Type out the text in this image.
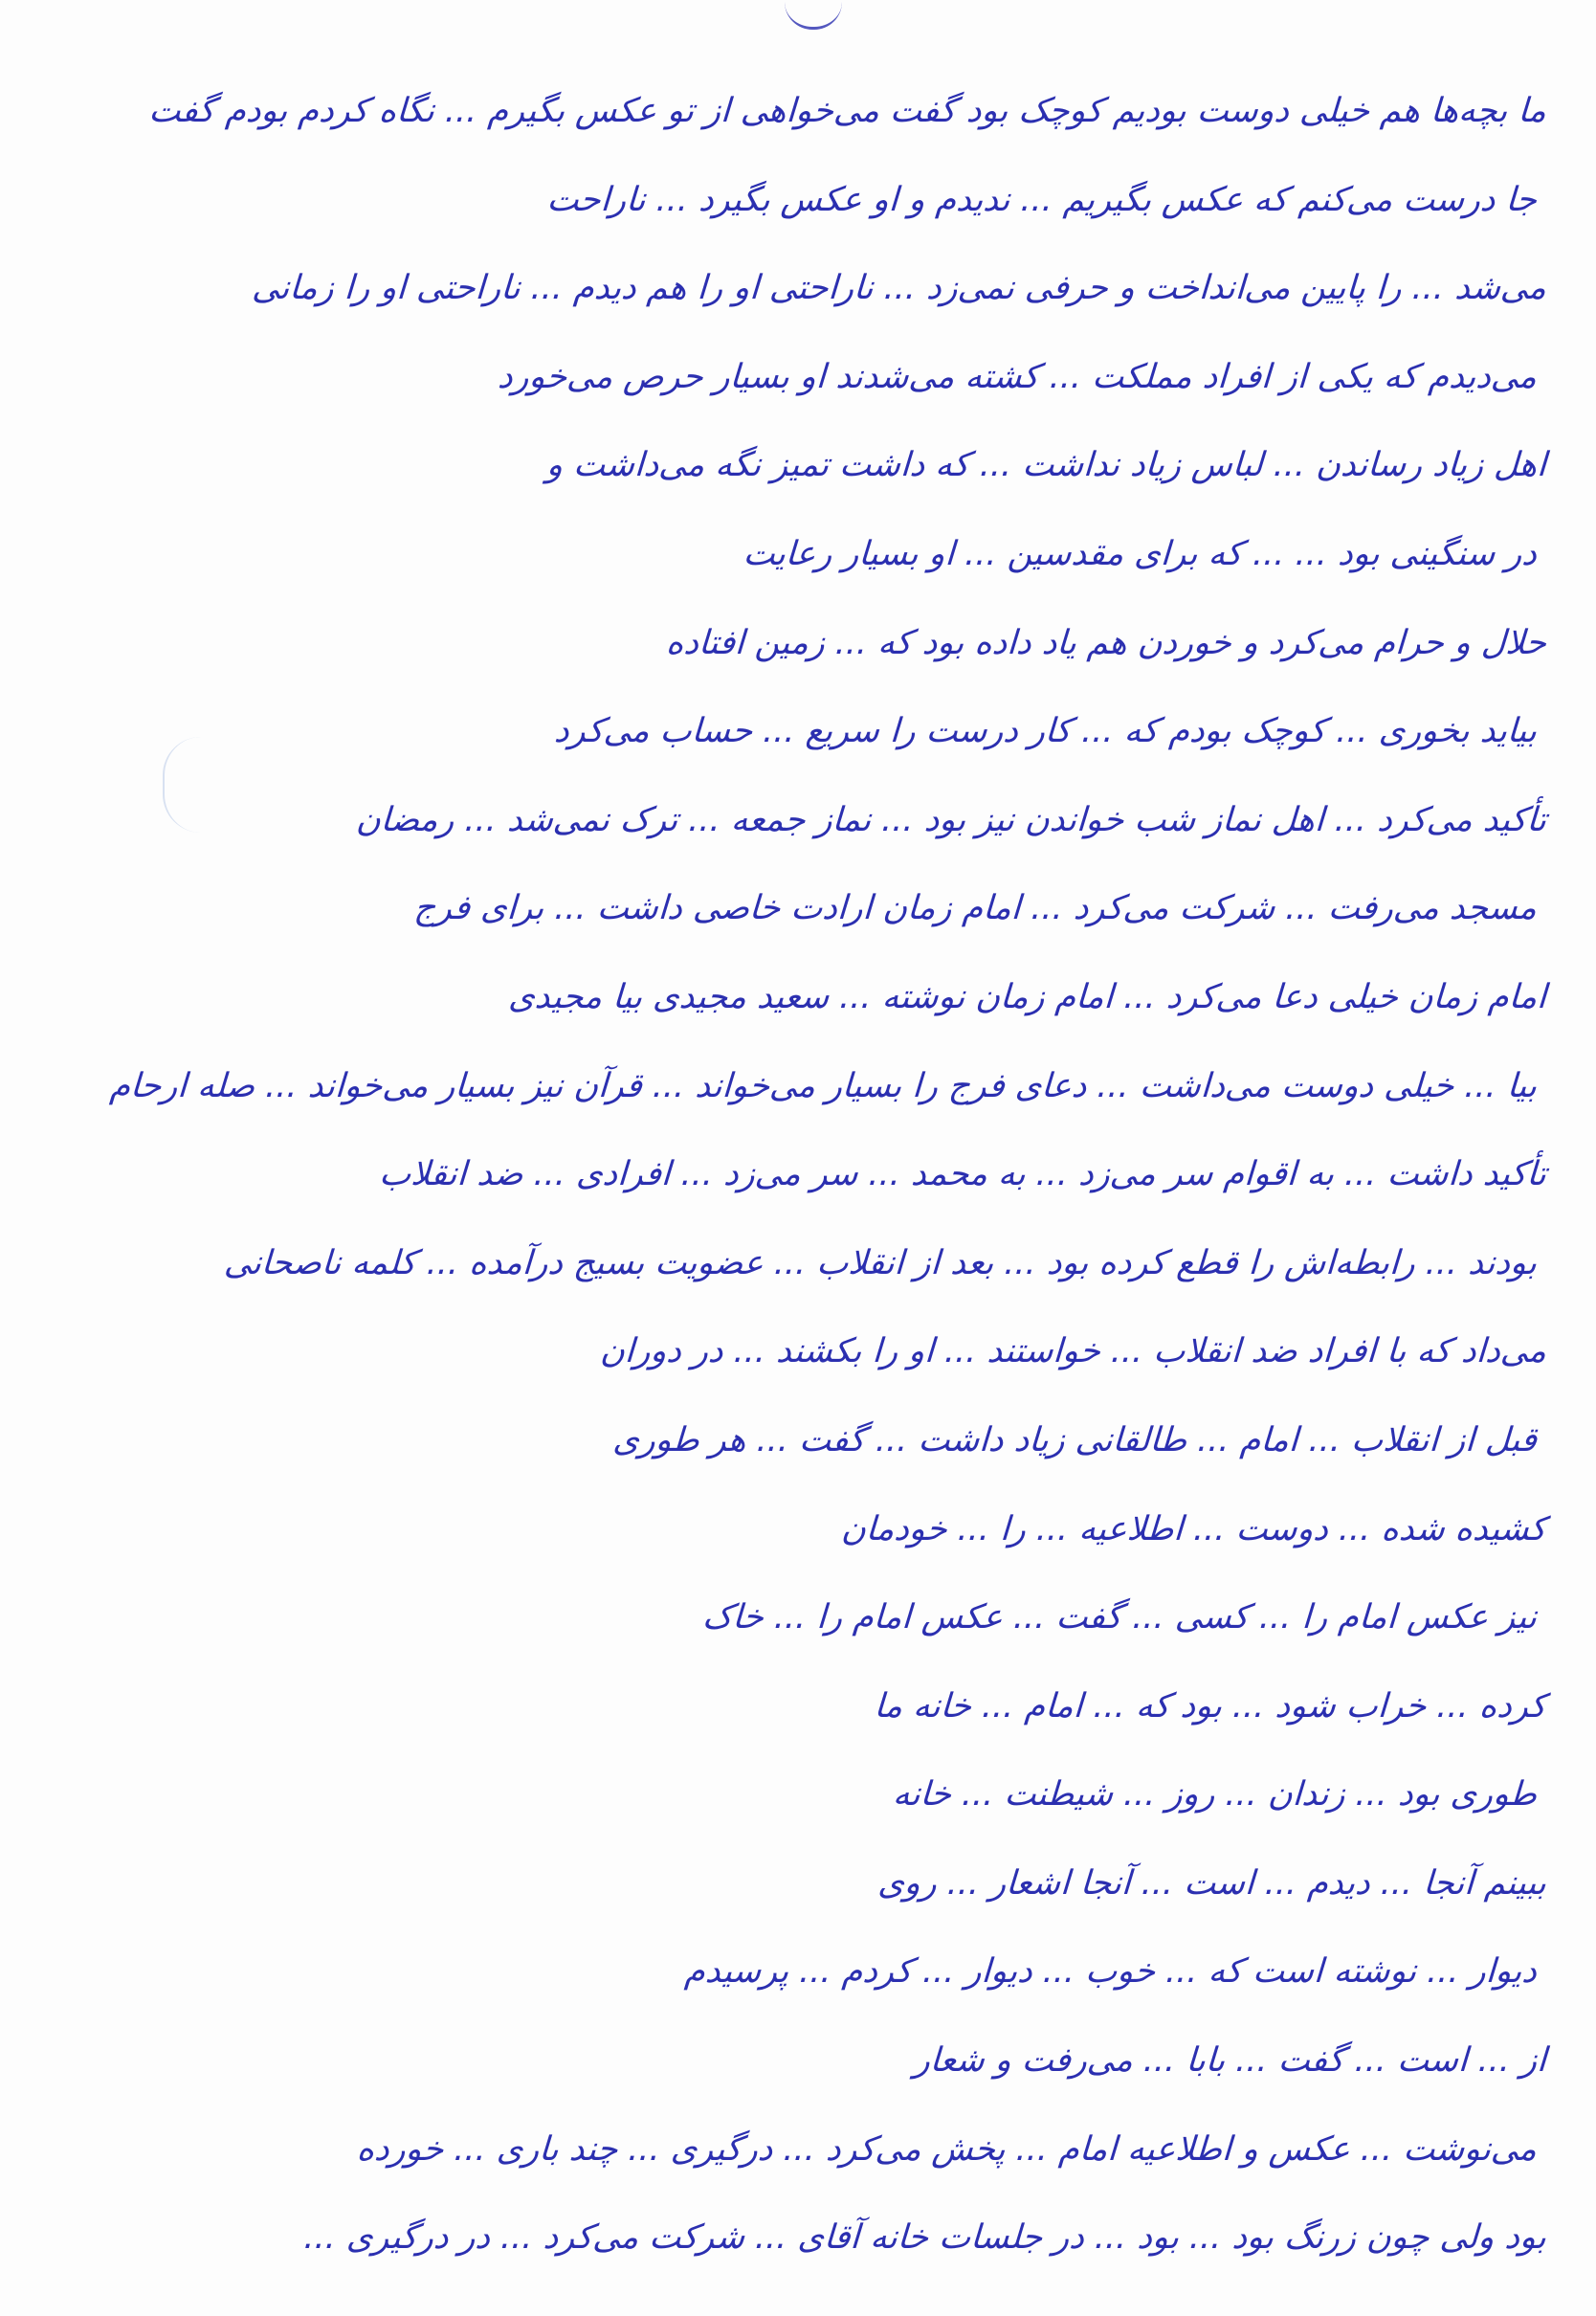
ما بچه‌ها هم خیلی دوست بودیم کوچک بود گفت می‌خواهی از تو عکس بگیرم ... نگاه کردم بودم گفت
جا درست می‌کنم که عکس بگیریم ... ندیدم و او عکس بگیرد ... ناراحت
می‌شد ... را پایین می‌انداخت و حرفی نمی‌زد ... ناراحتی او را هم دیدم ... ناراحتی او را زمانی
می‌دیدم که یکی از افراد مملکت ... کشته می‌شدند او بسیار حرص می‌خورد
اهل زیاد رساندن ... لباس زیاد نداشت ... که داشت تمیز نگه می‌داشت و
در سنگینی بود ... ... که برای مقدسین ... او بسیار رعایت
حلال و حرام می‌کرد و خوردن هم یاد داده بود که ... زمین افتاده
بیاید بخوری ... کوچک بودم که ... کار درست را سریع ... حساب می‌کرد
تأکید می‌کرد ... اهل نماز شب خواندن نیز بود ... نماز جمعه ... ترک نمی‌شد ... رمضان
مسجد می‌رفت ... شرکت می‌کرد ... امام زمان ارادت خاصی داشت ... برای فرج
امام زمان خیلی دعا می‌کرد ... امام زمان نوشته ... سعید مجیدی بیا مجیدی
بیا ... خیلی دوست می‌داشت ... دعای فرج را بسیار می‌خواند ... قرآن نیز بسیار می‌خواند ... صله ارحام
تأکید داشت ... به اقوام سر می‌زد ... به محمد ... سر می‌زد ... افرادی ... ضد انقلاب
بودند ... رابطه‌اش را قطع کرده بود ... بعد از انقلاب ... عضویت بسیج درآمده ... کلمه ناصحانی
می‌داد که با افراد ضد انقلاب ... خواستند ... او را بکشند ... در دوران
قبل از انقلاب ... امام ... طالقانی زیاد داشت ... گفت ... هر طوری
کشیده شده ... دوست ... اطلاعیه ... را ... خودمان
نیز عکس امام را ... کسی ... گفت ... عکس امام را ... خاک
کرده ... خراب شود ... بود که ... امام ... خانه ما
طوری بود ... زندان ... روز ... شیطنت ... خانه
ببینم آنجا ... دیدم ... است ... آنجا اشعار ... روی
دیوار ... نوشته است که ... خوب ... دیوار ... کردم ... پرسیدم
از ... است ... گفت ... بابا ... می‌رفت و شعار
می‌نوشت ... عکس و اطلاعیه امام ... پخش می‌کرد ... درگیری ... چند باری ... خورده
بود ولی چون زرنگ بود ... بود ... در جلسات خانه آقای ... شرکت می‌کرد ... در درگیری ...
